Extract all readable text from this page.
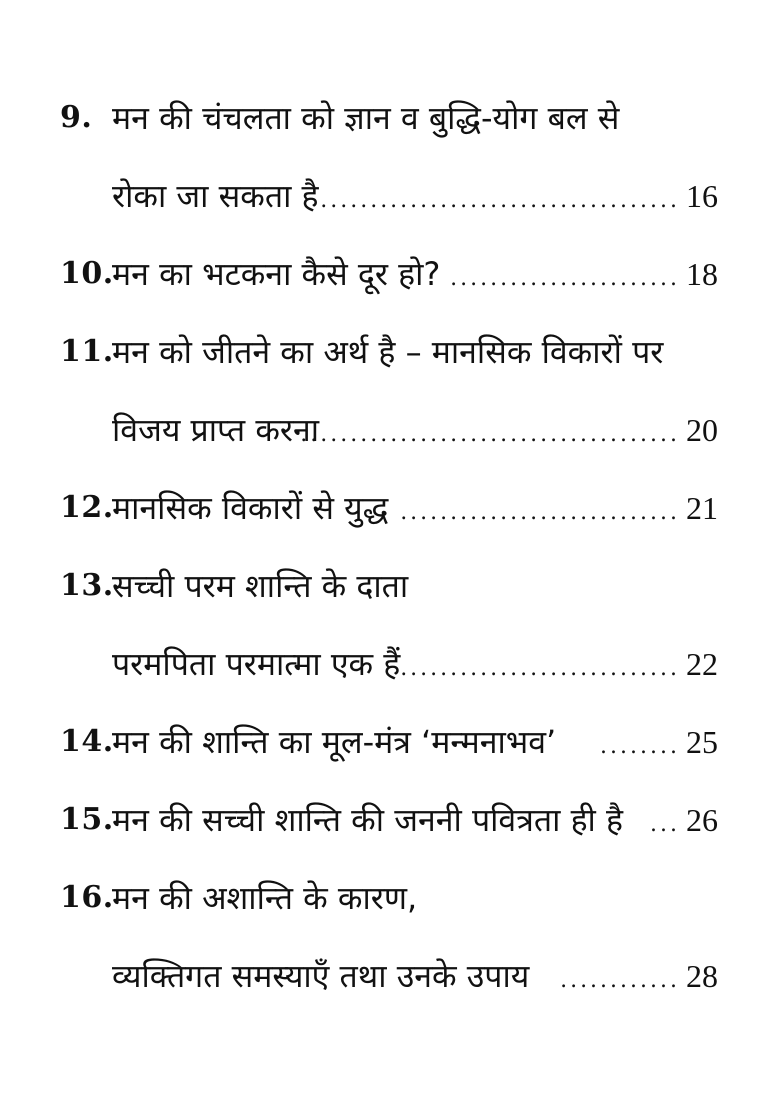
9. मन की चंचलता को ज्ञान व बुद्धि-योग बल से
रोका जा सकता है .................................... 16
10.
मन का भटकना कैसे दूर हो? ....................... 18
11.
मन को जीतने का अर्थ है – मानसिक विकारों पर
विजय प्राप्त करना
...................................... 20
12.
मानसिक विकारों से युद्ध ............................ 21
13.
सच्ची परम शान्ति के दाता
परमपिता परमात्मा एक हैं ............................ 22
14.
मन की शान्ति का मूल-मंत्र ‘मन्मनाभव’	........ 25
15.
मन की सच्ची शान्ति की जननी पवित्रता ही है ... 26
16.
मन की अशान्ति के कारण,
व्यक्तिगत समस्याएँ तथा उनके उपाय ............ 28
